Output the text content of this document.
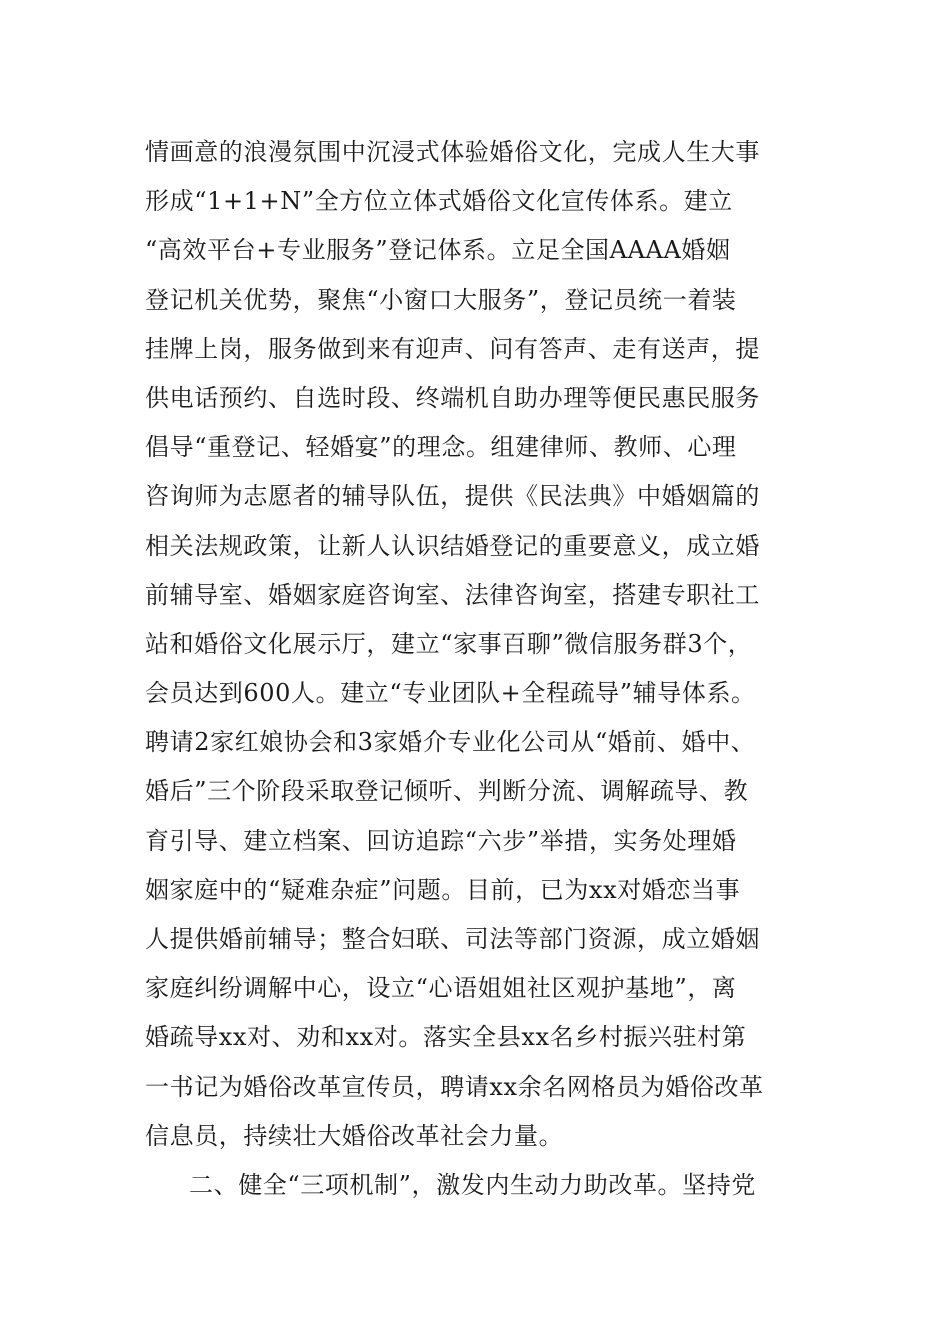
情画意的浪漫氛围中沉浸式体验婚俗文化，完成人生大事
形成“1+1+N”全方位立体式婚俗文化宣传体系。建立
“高效平台+专业服务”登记体系。立足全国AAAA婚姻
登记机关优势，聚焦“小窗口大服务”，登记员统一着装
挂牌上岗，服务做到来有迎声、问有答声、走有送声，提
供电话预约、自选时段、终端机自助办理等便民惠民服务
倡导“重登记、轻婚宴”的理念。组建律师、教师、心理
咨询师为志愿者的辅导队伍，提供《民法典》中婚姻篇的
相关法规政策，让新人认识结婚登记的重要意义，成立婚
前辅导室、婚姻家庭咨询室、法律咨询室，搭建专职社工
站和婚俗文化展示厅，建立“家事百聊”微信服务群3个，
会员达到600人。建立“专业团队+全程疏导”辅导体系。
聘请2家红娘协会和3家婚介专业化公司从“婚前、婚中、
婚后”三个阶段采取登记倾听、判断分流、调解疏导、教
育引导、建立档案、回访追踪“六步”举措，实务处理婚
姻家庭中的“疑难杂症”问题。目前，已为xx对婚恋当事
人提供婚前辅导；整合妇联、司法等部门资源，成立婚姻
家庭纠纷调解中心，设立“心语姐姐社区观护基地”，离
婚疏导xx对、劝和xx对。落实全县xx名乡村振兴驻村第
一书记为婚俗改革宣传员，聘请xx余名网格员为婚俗改革
信息员，持续壮大婚俗改革社会力量。
二、健全“三项机制”，激发内生动力助改革。坚持党
